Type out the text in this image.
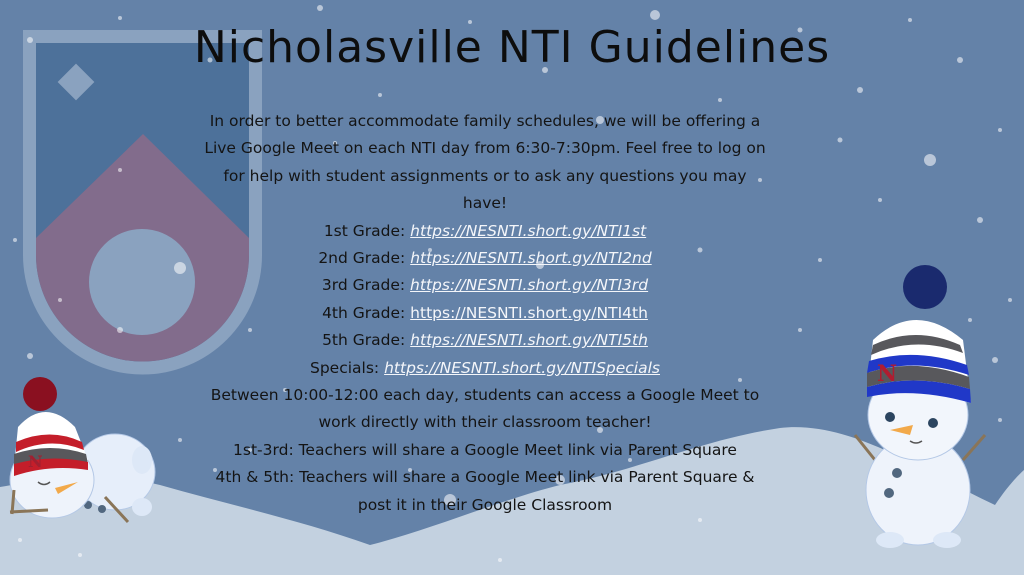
Nicholasville NTI Guidelines

In order to better accommodate family schedules, we will be offering a

Live Google Meet on each NTI day from 6:30-7:30pm. Feel free to log on

for help with student assignments or to ask any questions you may

have!

1st Grade: https://NESNTI.short.gy/NTI1st

2nd Grade: https://NESNTI.short.gy/NTI2nd

3rd Grade: https://NESNTI.short.gy/NTI3rd

4th Grade: https://NESNTI.short.gy/NTI4th

5th Grade: https://NESNTI.short.gy/NTI5th

Specials: https://NESNTI.short.gy/NTISpecials

Between 10:00-12:00 each day, students can access a Google Meet to

work directly with their classroom teacher!

1st-3rd: Teachers will share a Google Meet link via Parent Square

4th & 5th: Teachers will share a Google Meet link via Parent Square &

post it in their Google Classroom

N
N
